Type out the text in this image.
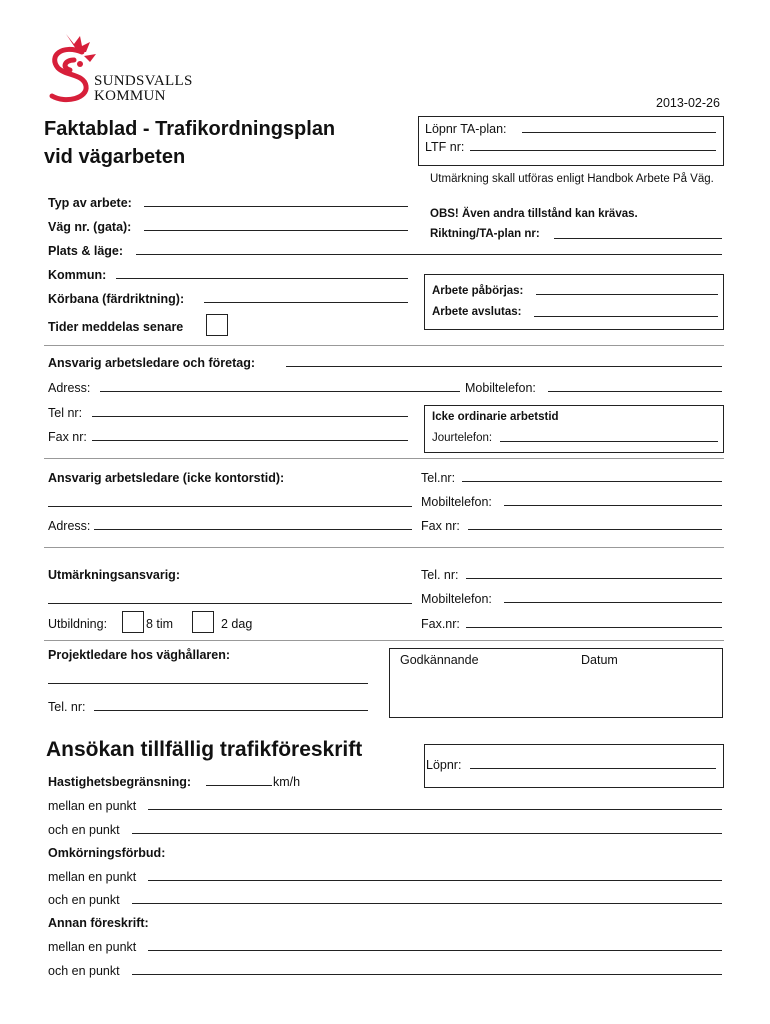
SUNDSVALLS
KOMMUN	2013-02-26
Faktablad - Trafikordningsplan
vid vägarbeten
Löpnr TA-plan:
LTF nr:
Utmärkning skall utföras enligt Handbok Arbete På Väg.
OBS! Även andra tillstånd kan krävas.
Riktning/TA-plan nr:
Typ av arbete:
Väg nr. (gata):
Plats & läge:
Kommun:
Körbana (färdriktning):
Tider meddelas senare
Arbete påbörjas:
Arbete avslutas:
Ansvarig arbetsledare och företag:
Adress:	Mobiltelefon:
Tel nr:
Fax nr:
Icke ordinarie arbetstid
Jourtelefon:
Ansvarig arbetsledare (icke kontorstid):	Tel.nr:
Mobiltelefon:
Adress:	Fax nr:
Utmärkningsansvarig:	Tel. nr:
Mobiltelefon:
Utbildning:	8 tim	2 dag	Fax.nr:
Projektledare hos väghållaren:
Tel. nr:
Godkännande	Datum
Ansökan tillfällig trafikföreskrift
Löpnr:
Hastighetsbegränsning:	km/h
mellan en punkt
och en punkt
Omkörningsförbud:
mellan en punkt
och en punkt
Annan föreskrift:
mellan en punkt
och en punkt
